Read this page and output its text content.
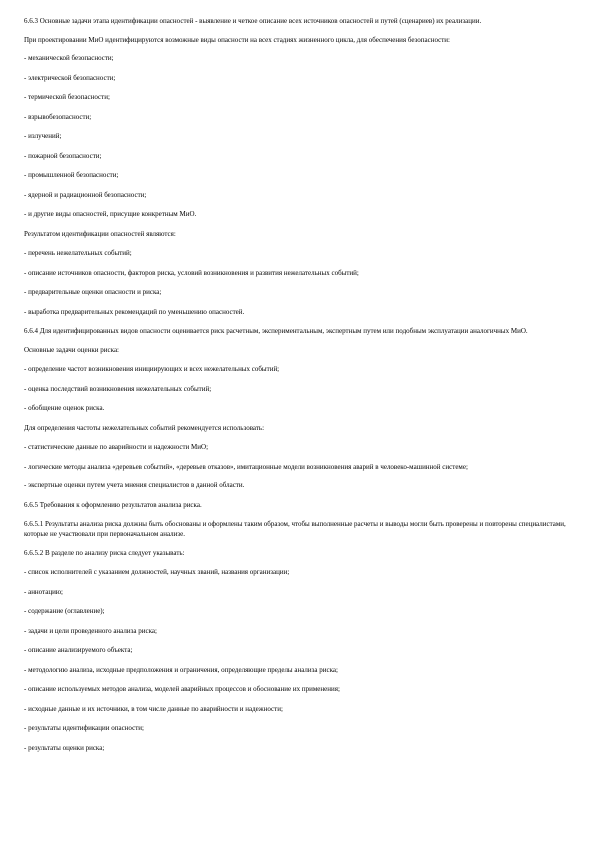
6.6.3 Основные задачи этапа идентификации опасностей - выявление и четкое описание всех источников опасностей и путей (сценариев) их реализации.

При проектировании МиО идентифицируются возможные виды опасности на всех стадиях жизненного цикла, для обеспечения безопасности:

- механической безопасности;

- электрической безопасности;

- термической безопасности;

- взрывобезопасности;

- излучений;

- пожарной безопасности;

- промышленной безопасности;

- ядерной и радиационной безопасности;

- и другие виды опасностей, присущие конкретным МиО.

Результатом идентификации опасностей являются:

- перечень нежелательных событий;

- описание источников опасности, факторов риска, условий возникновения и развития нежелательных событий;

- предварительные оценки опасности и риска;

- выработка предварительных рекомендаций по уменьшению опасностей.

6.6.4 Для идентифицированных видов опасности оценивается риск расчетным, экспериментальным, экспертным путем или подобным эксплуатации аналогичных МиО.

Основные задачи оценки риска:

- определение частот возникновения инициирующих и всех нежелательных событий;

- оценка последствий возникновения нежелательных событий;

- обобщение оценок риска.

Для определения частоты нежелательных событий рекомендуется использовать:

- статистические данные по аварийности и надежности МиО;

- логические методы анализа «деревьев событий», «деревьев отказов», имитационные модели возникновения аварий в человеко-машинной системе;

- экспертные оценки путем учета мнения специалистов в данной области.

6.6.5 Требования к оформлению результатов анализа риска.

6.6.5.1 Результаты анализа риска должны быть обоснованы и оформлены таким образом, чтобы выполненные расчеты и выводы могли быть проверены и повторены специалистами, которые не участвовали при первоначальном анализе.

6.6.5.2 В разделе по анализу риска следует указывать:

- список исполнителей с указанием должностей, научных званий, названия организации;

- аннотацию;

- содержание (оглавление);

- задачи и цели проведенного анализа риска;

- описание анализируемого объекта;

- методологию анализа, исходные предположения и ограничения, определяющие пределы анализа риска;

- описание используемых методов анализа, моделей аварийных процессов и обоснование их применения;

- исходные данные и их источники, в том числе данные по аварийности и надежности;

- результаты идентификации опасности;

- результаты оценки риска;
